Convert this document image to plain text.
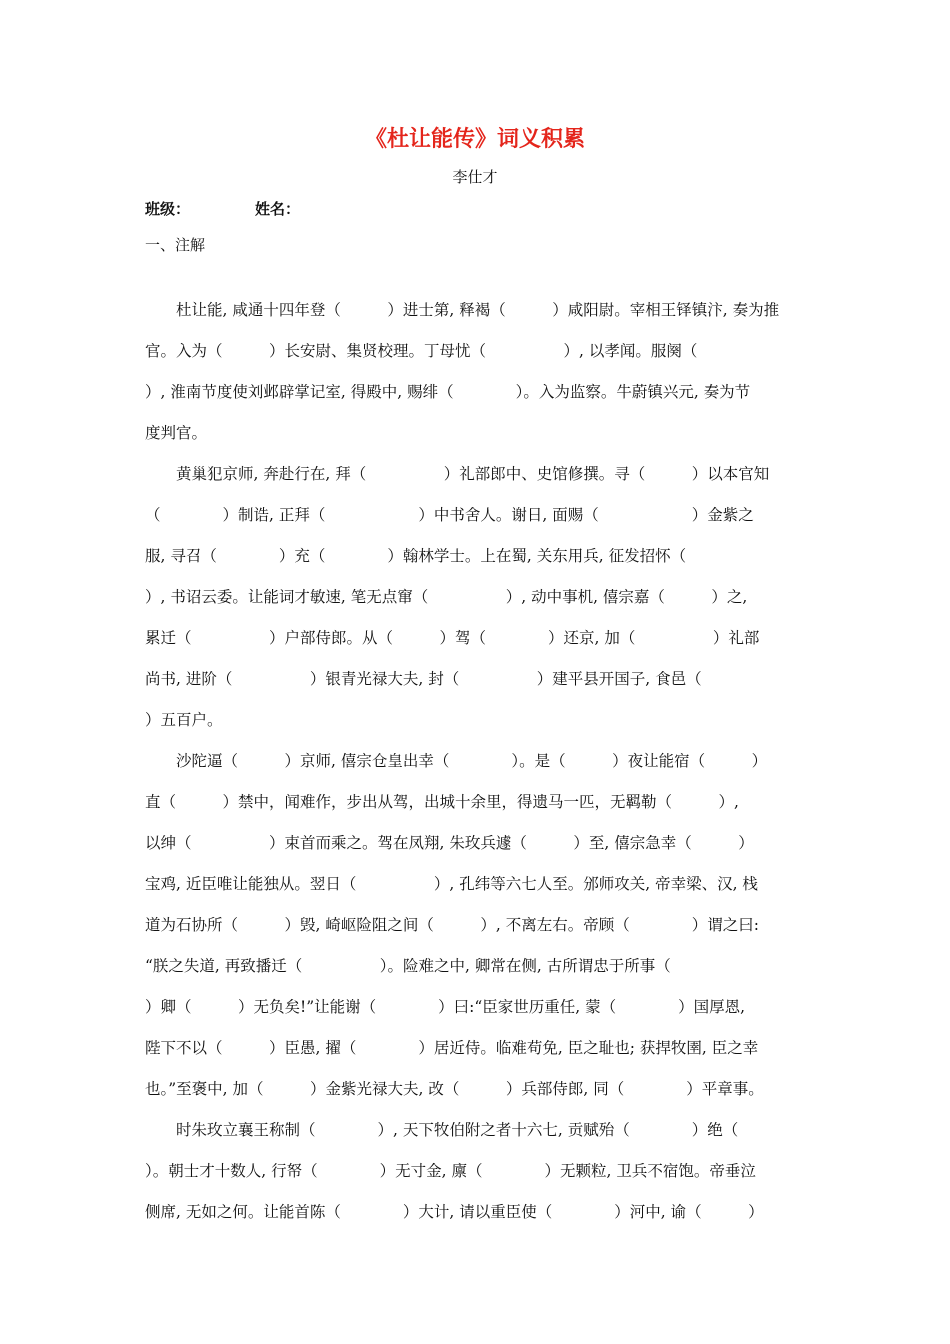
《杜让能传》词义积累
李仕才
班级：	姓名：
一、注解
杜让能, 咸通十四年登（　　　）进士第, 释褐（　　　）咸阳尉。宰相王铎镇汴, 奏为推
官。入为（　　　）长安尉、集贤校理。丁母忧（　　　　　）, 以孝闻。服阕（　　　　
）, 淮南节度使刘邺辟掌记室, 得殿中, 赐绯（　　　　）。入为监察。牛蔚镇兴元, 奏为节
度判官。
黄巢犯京师, 奔赴行在, 拜（　　　　　）礼部郎中、史馆修撰。寻（　　　）以本官知
（　　　　）制诰, 正拜（　　　　　　）中书舍人。谢日, 面赐（　　　　　　）金紫之
服, 寻召（　　　　）充（　　　　）翰林学士。上在蜀, 关东用兵, 征发招怀（　　　　　
）, 书诏云委。让能词才敏速, 笔无点窜（　　　　　）, 动中事机, 僖宗嘉（　　　）之,
累迁（　　　　　）户部侍郎。从（　　　）驾（　　　　）还京, 加（　　　　　）礼部
尚书, 进阶（　　　　　）银青光禄大夫, 封（　　　　　）建平县开国子, 食邑（　　　　
）五百户。
沙陀逼（　　　）京师, 僖宗仓皇出幸（　　　　）。是（　　　）夜让能宿（　　　）
直（　　　）禁中，闻难作，步出从驾，出城十余里，得遗马一匹，无羁勒（　　　）,
以绅（　　　　　）束首而乘之。驾在凤翔, 朱玫兵遽（　　　）至, 僖宗急幸（　　　）
宝鸡, 近臣唯让能独从。翌日（　　　　　）, 孔纬等六七人至。邠师攻关, 帝幸梁、汉, 栈
道为石协所（　　　）毁, 崎岖险阻之间（　　　）, 不离左右。帝顾（　　　　）谓之曰:
“朕之失道, 再致播迁（　　　　　）。险难之中, 卿常在侧, 古所谓忠于所事（　　　　　
）卿（　　　）无负矣!”让能谢（　　　　）曰:“臣家世历重任, 蒙（　　　　）国厚恩,
陛下不以（　　　）臣愚, 擢（　　　　）居近侍。临难苟免, 臣之耻也; 获捍牧圉, 臣之幸
也。”至褒中, 加（　　　）金紫光禄大夫, 改（　　　）兵部侍郎, 同（　　　　）平章事。
时朱玫立襄王称制（　　　　）, 天下牧伯附之者十六七, 贡赋殆（　　　　）绝（　　
）。朝士才十数人, 行帑（　　　　）无寸金, 廪（　　　　）无颗粒, 卫兵不宿饱。帝垂泣
侧席, 无如之何。让能首陈（　　　　）大计, 请以重臣使（　　　　）河中, 谕（　　　）
